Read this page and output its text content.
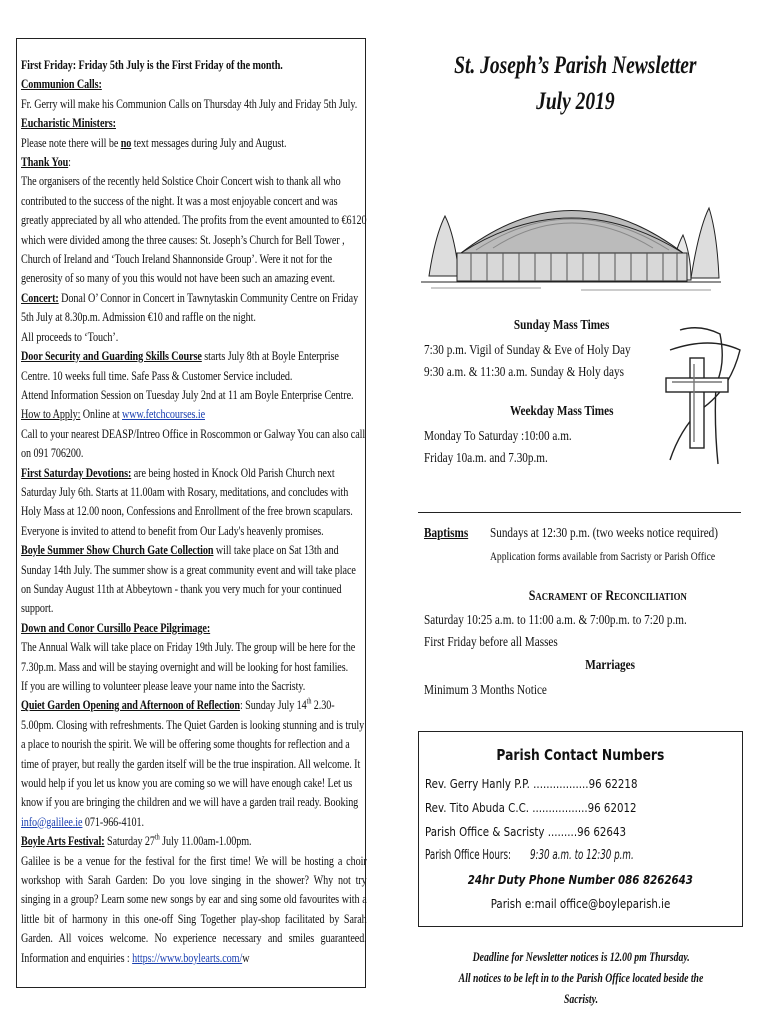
First Friday: Friday 5th July is the First Friday of the month.

Communion Calls:

Fr. Gerry will make his Communion Calls on Thursday 4th July and Friday 5th July.

Eucharistic Ministers:

Please note there will be no text messages during July and August.

Thank You:

The organisers of the recently held Solstice Choir Concert wish to thank all who contributed to the success of the night. It was a most enjoyable concert and was greatly appreciated by all who attended. The profits from the event amounted to €6120 which were divided among the three causes: St. Joseph’s Church for Bell Tower , Church of Ireland and ‘Touch Ireland Shannonside Group’. Were it not for the generosity of so many of you this would not have been such an amazing event.

Concert: Donal O’ Connor in Concert in Tawnytaskin Community Centre on Friday 5th July at 8.30p.m. Admission €10 and raffle on the night.

All proceeds to ‘Touch’.

Door Security and Guarding Skills Course starts July 8th at Boyle Enterprise Centre. 10 weeks full time. Safe Pass & Customer Service included.

Attend Information Session on Tuesday July 2nd at 11 am Boyle Enterprise Centre. How to Apply: Online at www.fetchcourses.ie

Call to your nearest DEASP/Intreo Office in Roscommon or Galway You can also call on 091 706200.

First Saturday Devotions: are being hosted in Knock Old Parish Church next Saturday July 6th. Starts at 11.00am with Rosary, meditations, and concludes with Holy Mass at 12.00 noon, Confessions and Enrollment of the free brown scapulars. Everyone is invited to attend to benefit from Our Lady's heavenly promises.

Boyle Summer Show Church Gate Collection will take place on Sat 13th and Sunday 14th July. The summer show is a great community event and will take place on Sunday August 11th at Abbeytown - thank you very much for your continued support.

Down and Conor Cursillo Peace Pilgrimage:

The Annual Walk will take place on Friday 19th July. The group will be here for the 7.30p.m. Mass and will be staying overnight and will be looking for host families.

If you are willing to volunteer please leave your name into the Sacristy.

Quiet Garden Opening and Afternoon of Reflection: Sunday July 14th 2.30-5.00pm. Closing with refreshments. The Quiet Garden is looking stunning and is truly a place to nourish the spirit. We will be offering some thoughts for reflection and a time of prayer, but really the garden itself will be the true inspiration. All welcome. It would help if you let us know you are coming so we will have enough cake! Let us know if you are bringing the children and we will have a garden trail ready. Booking info@galilee.ie 071-966-4101.

Boyle Arts Festival: Saturday 27th July 11.00am-1.00pm.

Galilee is be a venue for the festival for the first time! We will be hosting a choir workshop with Sarah Garden: Do you love singing in the shower? Why not try singing in a group? Learn some new songs by ear and sing some old favourites with a little bit of harmony in this one-off Sing Together play-shop facilitated by Sarah Garden. All voices welcome. No experience necessary and smiles guaranteed. Information and enquiries : https://www.boylearts.com/w

St. Joseph’s Parish Newsletter
July 2019
Sunday Mass Times
7:30 p.m. Vigil of Sunday & Eve of Holy Day
9:30 a.m. & 11:30 a.m. Sunday & Holy days
Weekday Mass Times
Monday To Saturday :10:00 a.m.
Friday 10a.m. and 7.30p.m.
Baptisms	Sundays at 12:30 p.m. (two weeks notice required)
Application forms available from Sacristy or Parish Office
Sacrament of Reconciliation
Saturday 10:25 a.m. to 11:00 a.m. & 7:00p.m. to 7:20 p.m.
First Friday before all Masses
Marriages
Minimum 3 Months Notice
Parish Contact Numbers
Rev. Gerry Hanly P.P. .................96 62218
Rev. Tito Abuda C.C. .................96 62012
Parish Office & Sacristy .........96 62643
Parish Office Hours:9:30 a.m. to 12:30 p.m.
24hr Duty Phone Number 086 8262643
Parish e:mail office@boyleparish.ie
Deadline for Newsletter notices is 12.00 pm Thursday.
All notices to be left in to the Parish Office located beside the Sacristy.
